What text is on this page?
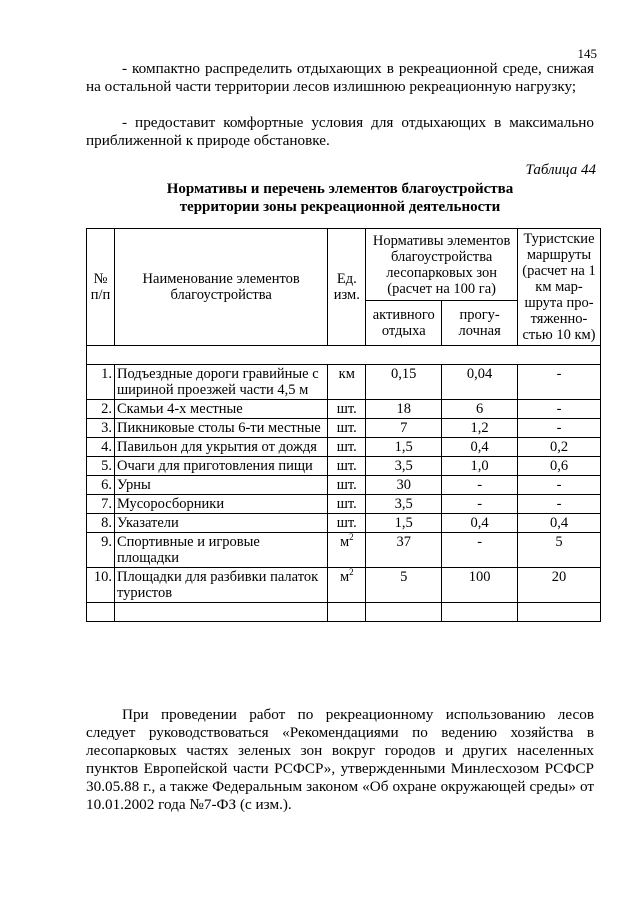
145

- компактно распределить отдыхающих в рекреационной среде, снижая на остальной части территории лесов излишнюю рекреационную нагрузку;

- предоставит комфортные условия для отдыхающих в максимально приближенной к природе обстановке.

Таблица 44
Нормативы и перечень элементов благоустройства
территории зоны рекреационной деятельности
№ п/п	Наименование элементов благоустройства	Ед. изм.	Нормативы элементов благоустройства лесопарковых зон (расчет на 100 га)		Туристские маршруты (расчет на 1 км мар-шрута про-тяженно-стью 10 км)
			активного отдыха	прогу-лочная	

1.	Подъездные дороги гравийные с шириной проезжей части 4,5 м	км	0,15	0,04	-
2.	Скамьи 4-х местные	шт.	18	6	-
3.	Пикниковые столы 6-ти местные	шт.	7	1,2	-
4.	Павильон для укрытия от дождя	шт.	1,5	0,4	0,2
5.	Очаги для приготовления пищи	шт.	3,5	1,0	0,6
6.	Урны	шт.	30	-	-
7.	Мусоросборники	шт.	3,5	-	-
8.	Указатели	шт.	1,5	0,4	0,4
9.	Спортивные и игровые площадки	$м^2$	37	-	5
10.	Площадки для разбивки палаток туристов	$м^2$	5	100	20

При проведении работ по рекреационному использованию лесов следует руководствоваться «Рекомендациями по ведению хозяйства в лесопарковых частях зеленых зон вокруг городов и других населенных пунктов Европейской части РСФСР», утвержденными Минлесхозом РСФСР 30.05.88 г., а также Федеральным законом «Об охране окружающей среды» от 10.01.2002 года №7-ФЗ (с изм.).
